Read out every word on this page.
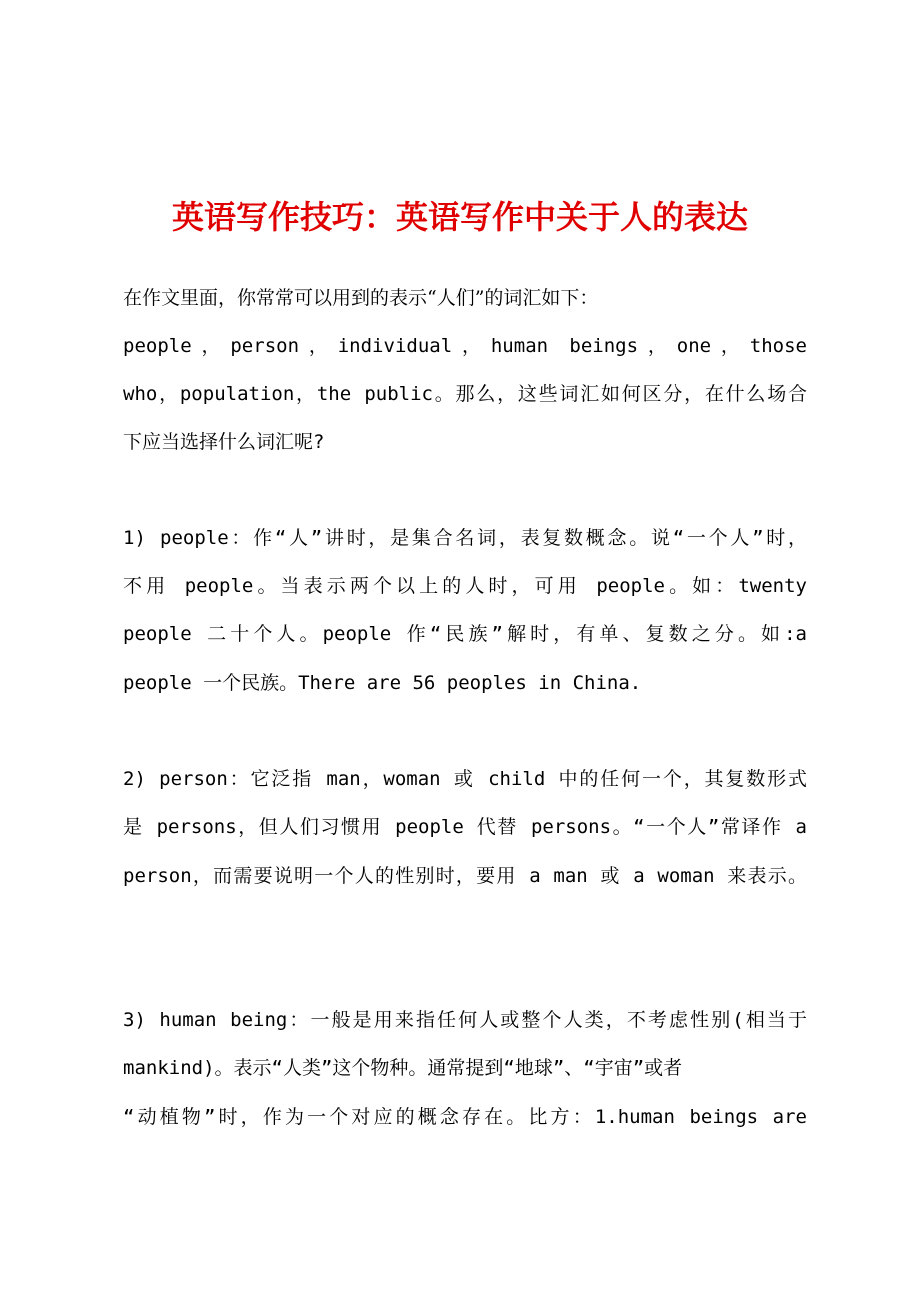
英语写作技巧：英语写作中关于人的表达
在作文里面，你常常可以用到的表示“人们”的词汇如下：
people，person，individual，human beings，one，those
who，population，the public。那么，这些词汇如何区分，在什么场合
下应当选择什么词汇呢?
1) people：作“人”讲时，是集合名词，表复数概念。说“一个人”时，
不用 people。当表示两个以上的人时，可用 people。如：twenty
people 二十个人。people 作“民族”解时，有单、复数之分。如:a
people 一个民族。There are 56 peoples in China.
2) person：它泛指 man，woman 或 child 中的任何一个，其复数形式
是 persons，但人们习惯用 people 代替 persons。“一个人”常译作 a
person，而需要说明一个人的性别时，要用 a man 或 a woman 来表示。
3) human being：一般是用来指任何人或整个人类，不考虑性别(相当于
mankind)。表示“人类”这个物种。通常提到“地球”、“宇宙”或者
“动植物”时，作为一个对应的概念存在。比方：1.human beings are
